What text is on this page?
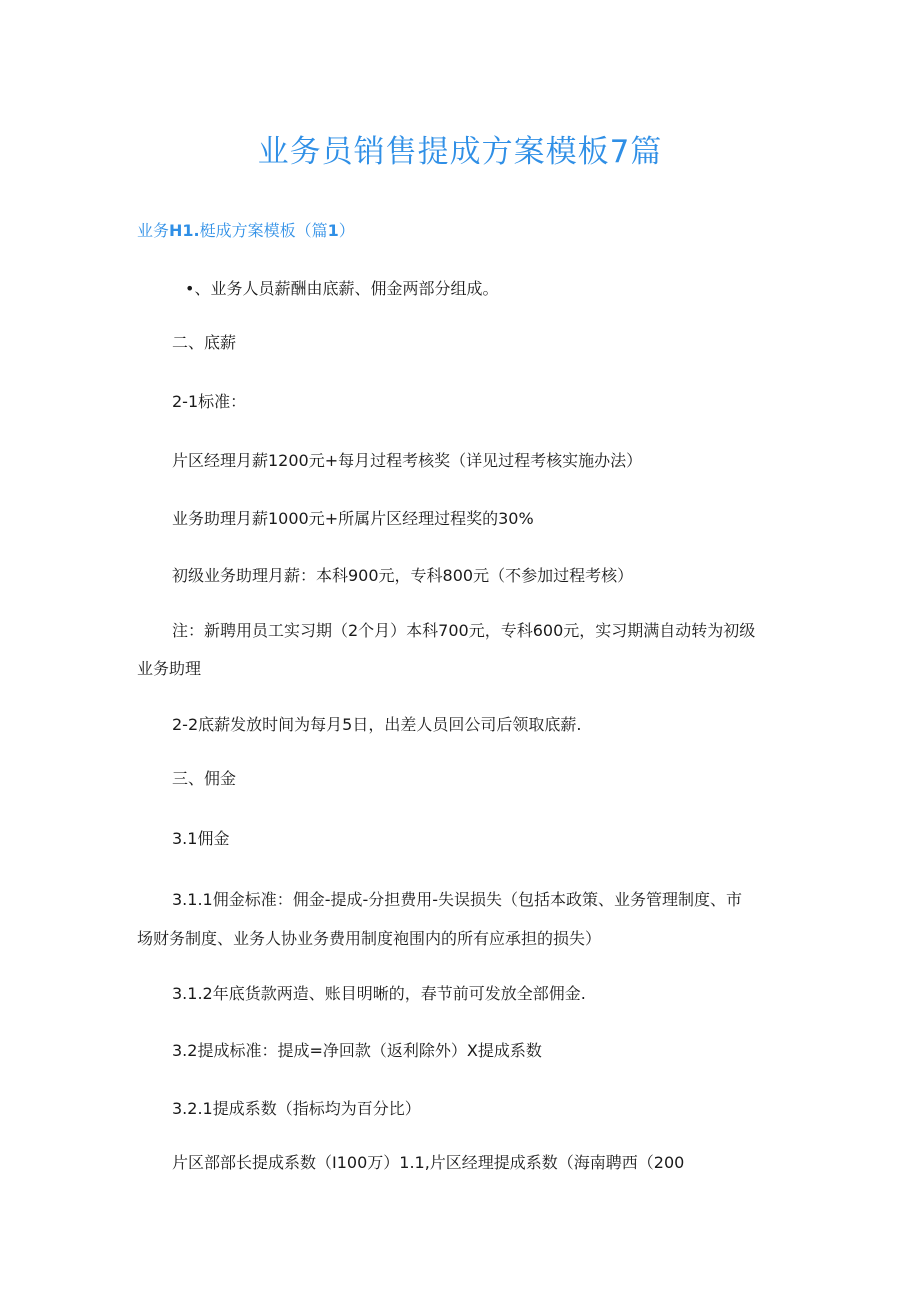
业务员销售提成方案模板7篇
业务H1.梃成方案模板（篇1）
•、业务人员薪酬由底薪、佣金两部分组成。
二、底薪
2-1标准：
片区经理月薪1200元+每月过程考核奖（详见过程考核实施办法）
业务助理月薪1000元+所属片区经理过程奖的30%
初级业务助理月薪：本科900元，专科800元（不参加过程考核）
注：新聘用员工实习期（2个月）本科700元，专科600元，实习期满自动转为初级
业务助理
2-2底薪发放时间为每月5日，出差人员回公司后领取底薪.
三、佣金
3.1佣金
3.1.1佣金标准：佣金-提成-分担费用-失误损失（包括本政策、业务管理制度、市
场财务制度、业务人协业务费用制度袍围内的所有应承担的损失）
3.1.2年底货款两造、账目明晰的，春节前可发放全部佣金.
3.2提成标准：提成=净回款（返利除外）X提成系数
3.2.1提成系数（指标均为百分比）
片区部部长提成系数（I100万）1.1,片区经理提成系数（海南聘西（200
